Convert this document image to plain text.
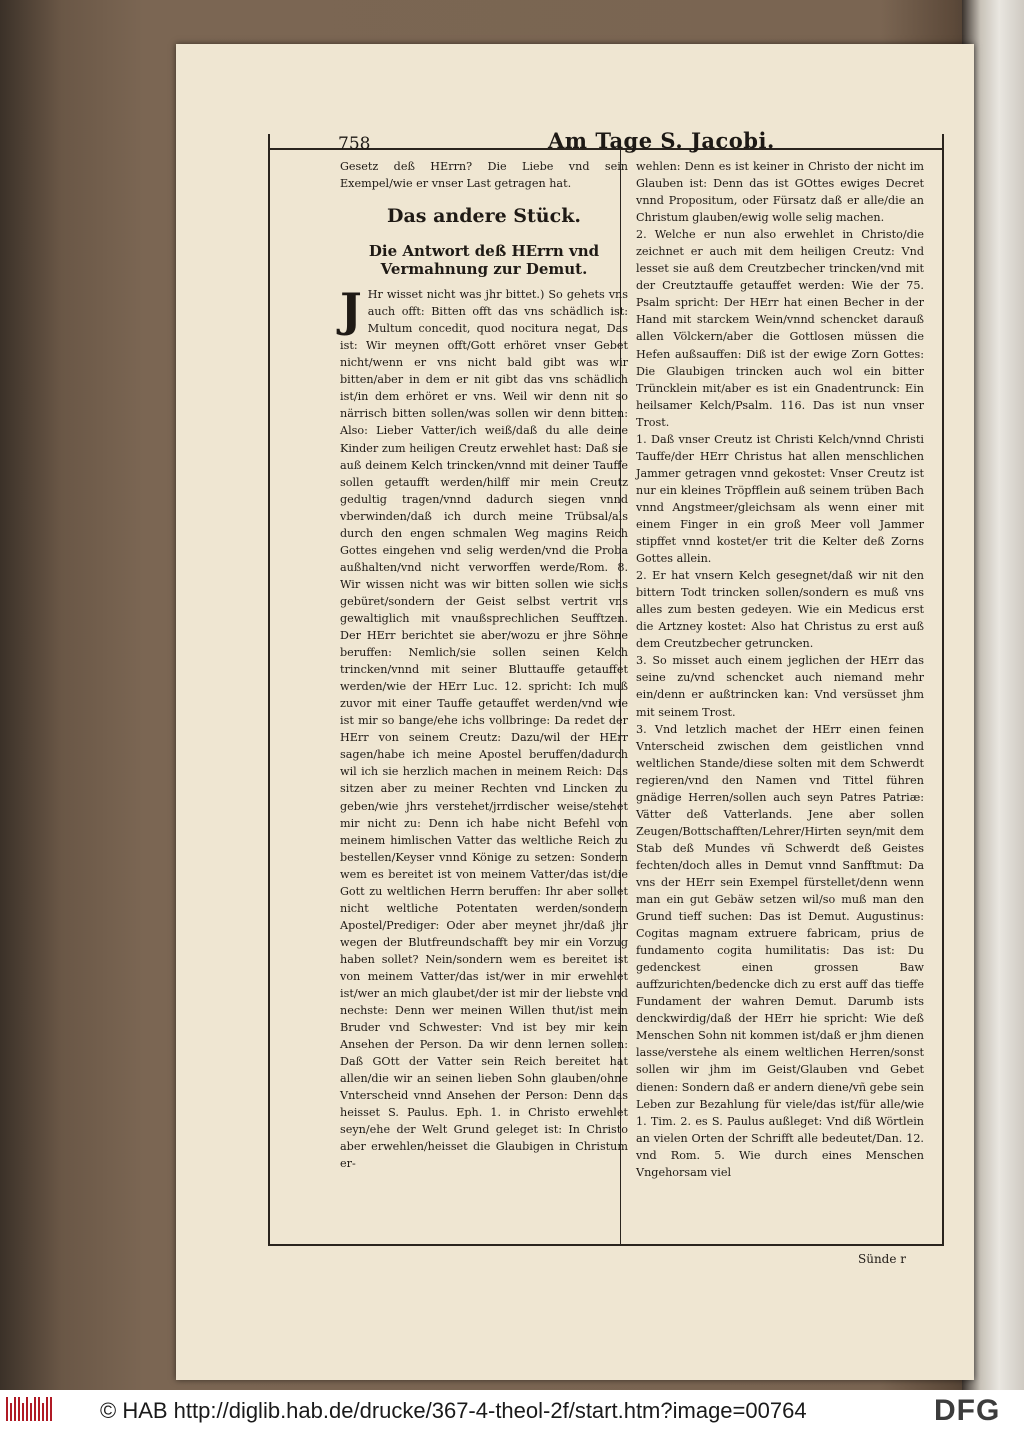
758	Am Tage S. Jacobi.

Gesetz deß HErrn? Die Liebe vnd sein Exempel/wie er vnser Last getragen hat.

Das andere Stück.
Die Antwort deß HErrn vnd Vermahnung zur Demut.

J Hr wisset nicht was jhr bittet.) So gehets vns auch offt: Bitten offt das vns schädlich ist: Multum concedit, quod nocitura negat, Das ist: Wir meynen offt/Gott erhöret vnser Gebet nicht/wenn er vns nicht bald gibt was wir bitten/aber in dem er nit gibt das vns schädlich ist/in dem erhöret er vns. Weil wir denn nit so närrisch bitten sollen/was sollen wir denn bitten: Also: Lieber Vatter/ich weiß/daß du alle deine Kinder zum heiligen Creutz erwehlet hast: Daß sie auß deinem Kelch trincken/vnnd mit deiner Tauffe sollen getaufft werden/hilff mir mein Creutz gedultig tragen/vnnd dadurch siegen vnnd vberwinden/daß ich durch meine Trübsal/als durch den engen schmalen Weg magins Reich Gottes eingehen vnd selig werden/vnd die Proba außhalten/vnd nicht verworffen werde/Rom. 8. Wir wissen nicht was wir bitten sollen wie sichs gebüret/sondern der Geist selbst vertrit vns gewaltiglich mit vnaußsprechlichen Seufftzen. Der HErr berichtet sie aber/wozu er jhre Söhne beruffen: Nemlich/sie sollen seinen Kelch trincken/vnnd mit seiner Bluttauffe getauffet werden/wie der HErr Luc. 12. spricht: Ich muß zuvor mit einer Tauffe getauffet werden/vnd wie ist mir so bange/ehe ichs vollbringe: Da redet der HErr von seinem Creutz: Dazu/wil der HErr sagen/habe ich meine Apostel beruffen/dadurch wil ich sie herzlich machen in meinem Reich: Das sitzen aber zu meiner Rechten vnd Lincken zu geben/wie jhrs verstehet/jrrdischer weise/stehet mir nicht zu: Denn ich habe nicht Befehl von meinem himlischen Vatter das weltliche Reich zu bestellen/Keyser vnnd Könige zu setzen: Sondern wem es bereitet ist von meinem Vatter/das ist/die Gott zu weltlichen Herrn beruffen: Ihr aber sollet nicht weltliche Potentaten werden/sondern Apostel/Prediger: Oder aber meynet jhr/daß jhr wegen der Blutfreundschafft bey mir ein Vorzug haben sollet? Nein/sondern wem es bereitet ist von meinem Vatter/das ist/wer in mir erwehlet ist/wer an mich glaubet/der ist mir der liebste vnd nechste: Denn wer meinen Willen thut/ist mein Bruder vnd Schwester: Vnd ist bey mir kein Ansehen der Person. Da wir denn lernen sollen: Daß GOtt der Vatter sein Reich bereitet hat allen/die wir an seinen lieben Sohn glauben/ohne Vnterscheid vnnd Ansehen der Person: Denn das heisset S. Paulus. Eph. 1. in Christo erwehlet seyn/ehe der Welt Grund geleget ist: In Christo aber erwehlen/heisset die Glaubigen in Christum er-

wehlen: Denn es ist keiner in Christo der nicht im Glauben ist: Denn das ist GOttes ewiges Decret vnnd Propositum, oder Fürsatz daß er alle/die an Christum glauben/ewig wolle selig machen.

2. Welche er nun also erwehlet in Christo/die zeichnet er auch mit dem heiligen Creutz: Vnd lesset sie auß dem Creutzbecher trincken/vnd mit der Creutztauffe getauffet werden: Wie der 75. Psalm spricht: Der HErr hat einen Becher in der Hand mit starckem Wein/vnnd schencket darauß allen Völckern/aber die Gottlosen müssen die Hefen außsauffen: Diß ist der ewige Zorn Gottes: Die Glaubigen trincken auch wol ein bitter Trüncklein mit/aber es ist ein Gnadentrunck: Ein heilsamer Kelch/Psalm. 116. Das ist nun vnser Trost.

1. Daß vnser Creutz ist Christi Kelch/vnnd Christi Tauffe/der HErr Christus hat allen menschlichen Jammer getragen vnnd gekostet: Vnser Creutz ist nur ein kleines Tröpfflein auß seinem trüben Bach vnnd Angstmeer/gleichsam als wenn einer mit einem Finger in ein groß Meer voll Jammer stipffet vnnd kostet/er trit die Kelter deß Zorns Gottes allein.

2. Er hat vnsern Kelch gesegnet/daß wir nit den bittern Todt trincken sollen/sondern es muß vns alles zum besten gedeyen. Wie ein Medicus erst die Artzney kostet: Also hat Christus zu erst auß dem Creutzbecher getruncken.

3. So misset auch einem jeglichen der HErr das seine zu/vnd schencket auch niemand mehr ein/denn er außtrincken kan: Vnd versüsset jhm mit seinem Trost.

3. Vnd letzlich machet der HErr einen feinen Vnterscheid zwischen dem geistlichen vnnd weltlichen Stande/diese solten mit dem Schwerdt regieren/vnd den Namen vnd Tittel führen gnädige Herren/sollen auch seyn Patres Patriæ: Vätter deß Vatterlands. Jene aber sollen Zeugen/Bottschafften/Lehrer/Hirten seyn/mit dem Stab deß Mundes vñ Schwerdt deß Geistes fechten/doch alles in Demut vnnd Sanfftmut: Da vns der HErr sein Exempel fürstellet/denn wenn man ein gut Gebäw setzen wil/so muß man den Grund tieff suchen: Das ist Demut. Augustinus: Cogitas magnam extruere fabricam, prius de fundamento cogita humilitatis: Das ist: Du gedenckest einen grossen Baw auffzurichten/bedencke dich zu erst auff das tieffe Fundament der wahren Demut. Darumb ists denckwirdig/daß der HErr hie spricht: Wie deß Menschen Sohn nit kommen ist/daß er jhm dienen lasse/verstehe als einem weltlichen Herren/sonst sollen wir jhm im Geist/Glauben vnd Gebet dienen: Sondern daß er andern diene/vñ gebe sein Leben zur Bezahlung für viele/das ist/für alle/wie 1. Tim. 2. es S. Paulus außleget: Vnd diß Wörtlein an vielen Orten der Schrifft alle bedeutet/Dan. 12. vnd Rom. 5. Wie durch eines Menschen Vngehorsam viel

Sünde r
© HAB http://diglib.hab.de/drucke/367-4-theol-2f/start.htm?image=00764	DFG
